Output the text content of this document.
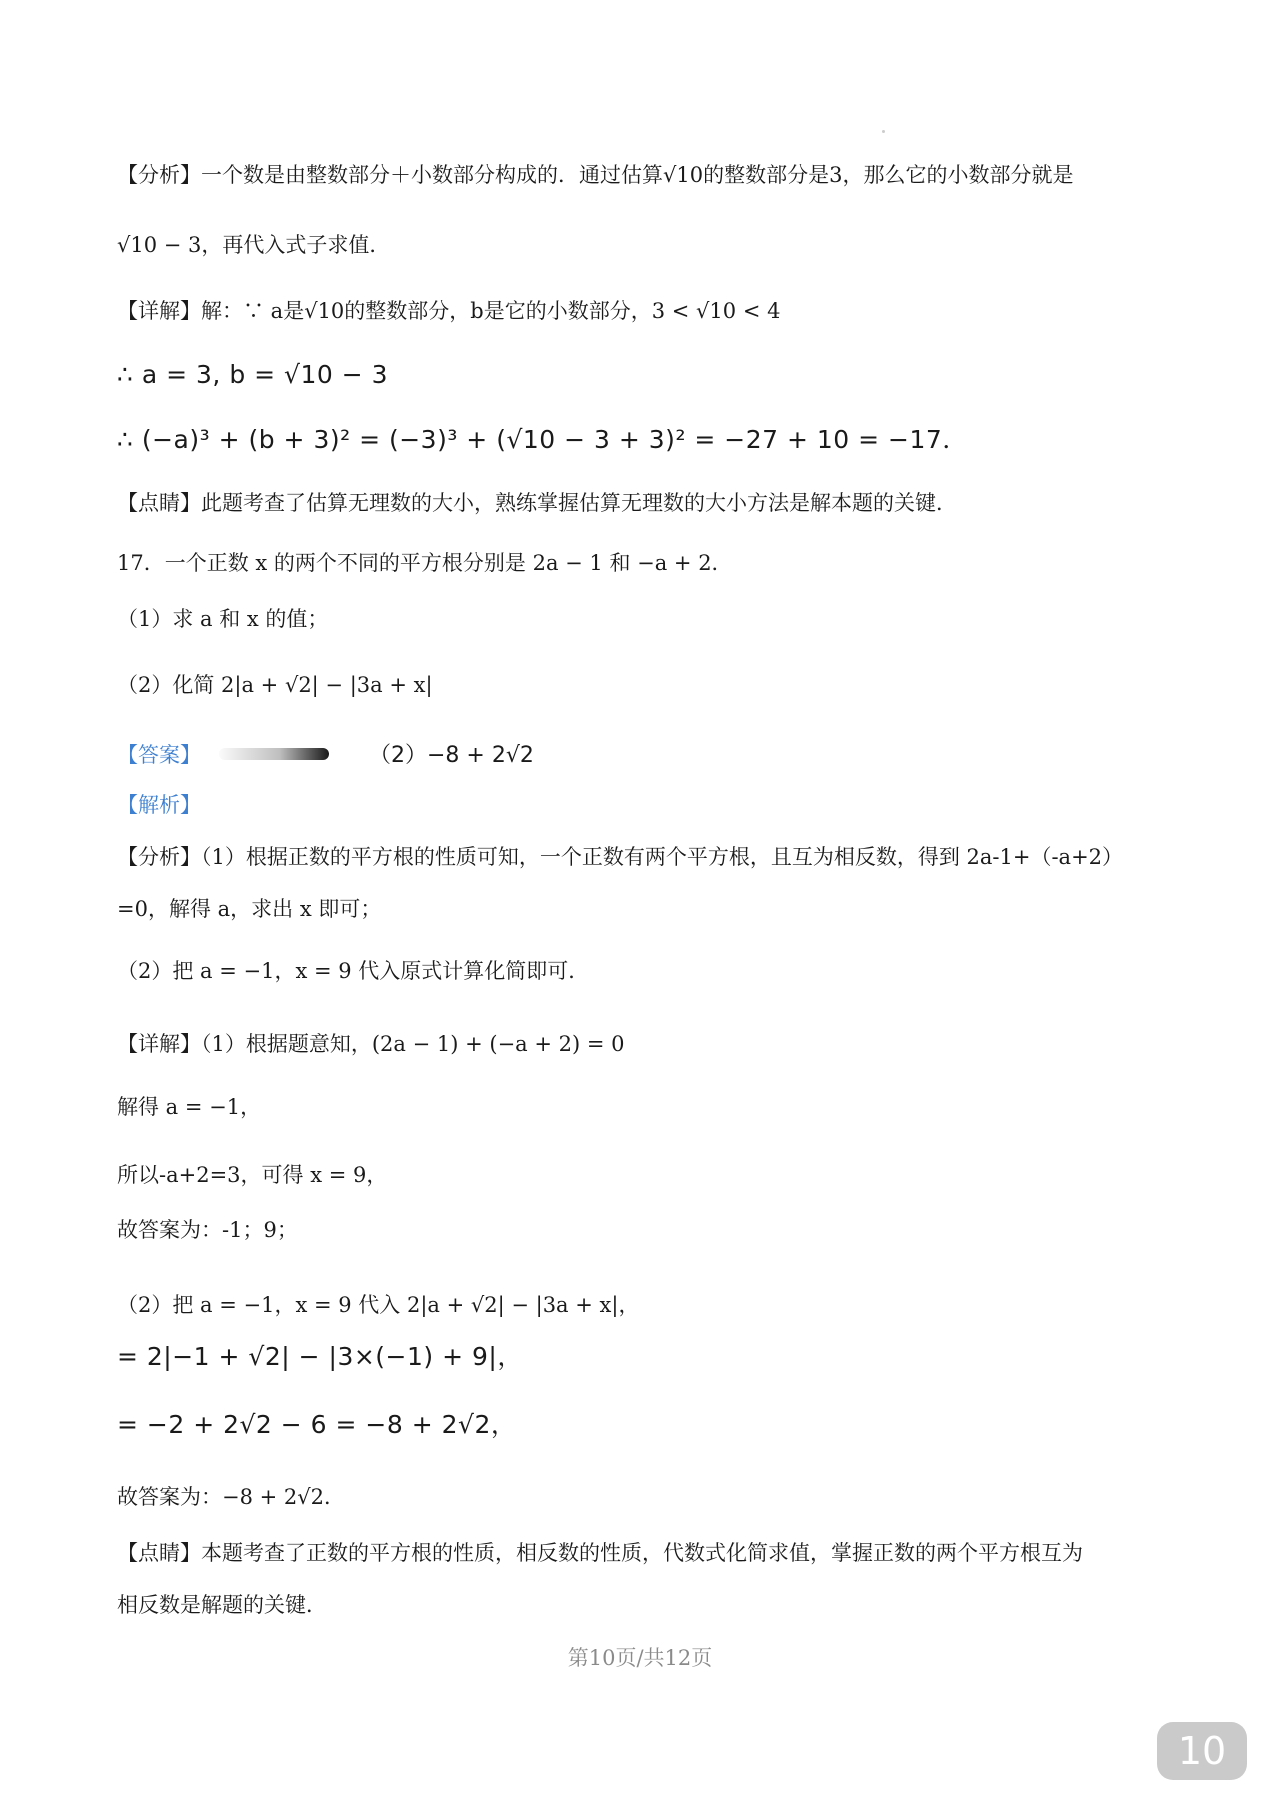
【分析】一个数是由整数部分＋小数部分构成的．通过估算√10的整数部分是3，那么它的小数部分就是
√10 − 3，再代入式子求值．
【详解】解：∵ a是√10的整数部分，b是它的小数部分，3 < √10 < 4
∴ a = 3, b = √10 − 3
∴ (−a)³ + (b + 3)² = (−3)³ + (√10 − 3 + 3)² = −27 + 10 = −17．
【点睛】此题考查了估算无理数的大小，熟练掌握估算无理数的大小方法是解本题的关键．
17．一个正数 x 的两个不同的平方根分别是 2a − 1 和 −a + 2．
（1）求 a 和 x 的值；
（2）化简 2|a + √2| − |3a + x|
【答案】	（2）−8 + 2√2
【解析】
【分析】（1）根据正数的平方根的性质可知，一个正数有两个平方根，且互为相反数，得到 2a-1+（-a+2）
=0，解得 a，求出 x 即可；
（2）把 a = −1，x = 9 代入原式计算化简即可．
【详解】（1）根据题意知，(2a − 1) + (−a + 2) = 0
解得 a = −1，
所以-a+2=3，可得 x = 9，
故答案为：-1；9；
（2）把 a = −1，x = 9 代入 2|a + √2| − |3a + x|，
= 2|−1 + √2| − |3×(−1) + 9|，
= −2 + 2√2 − 6 = −8 + 2√2，
故答案为：−8 + 2√2．
【点睛】本题考查了正数的平方根的性质，相反数的性质，代数式化简求值，掌握正数的两个平方根互为
相反数是解题的关键．
第10页/共12页
10
